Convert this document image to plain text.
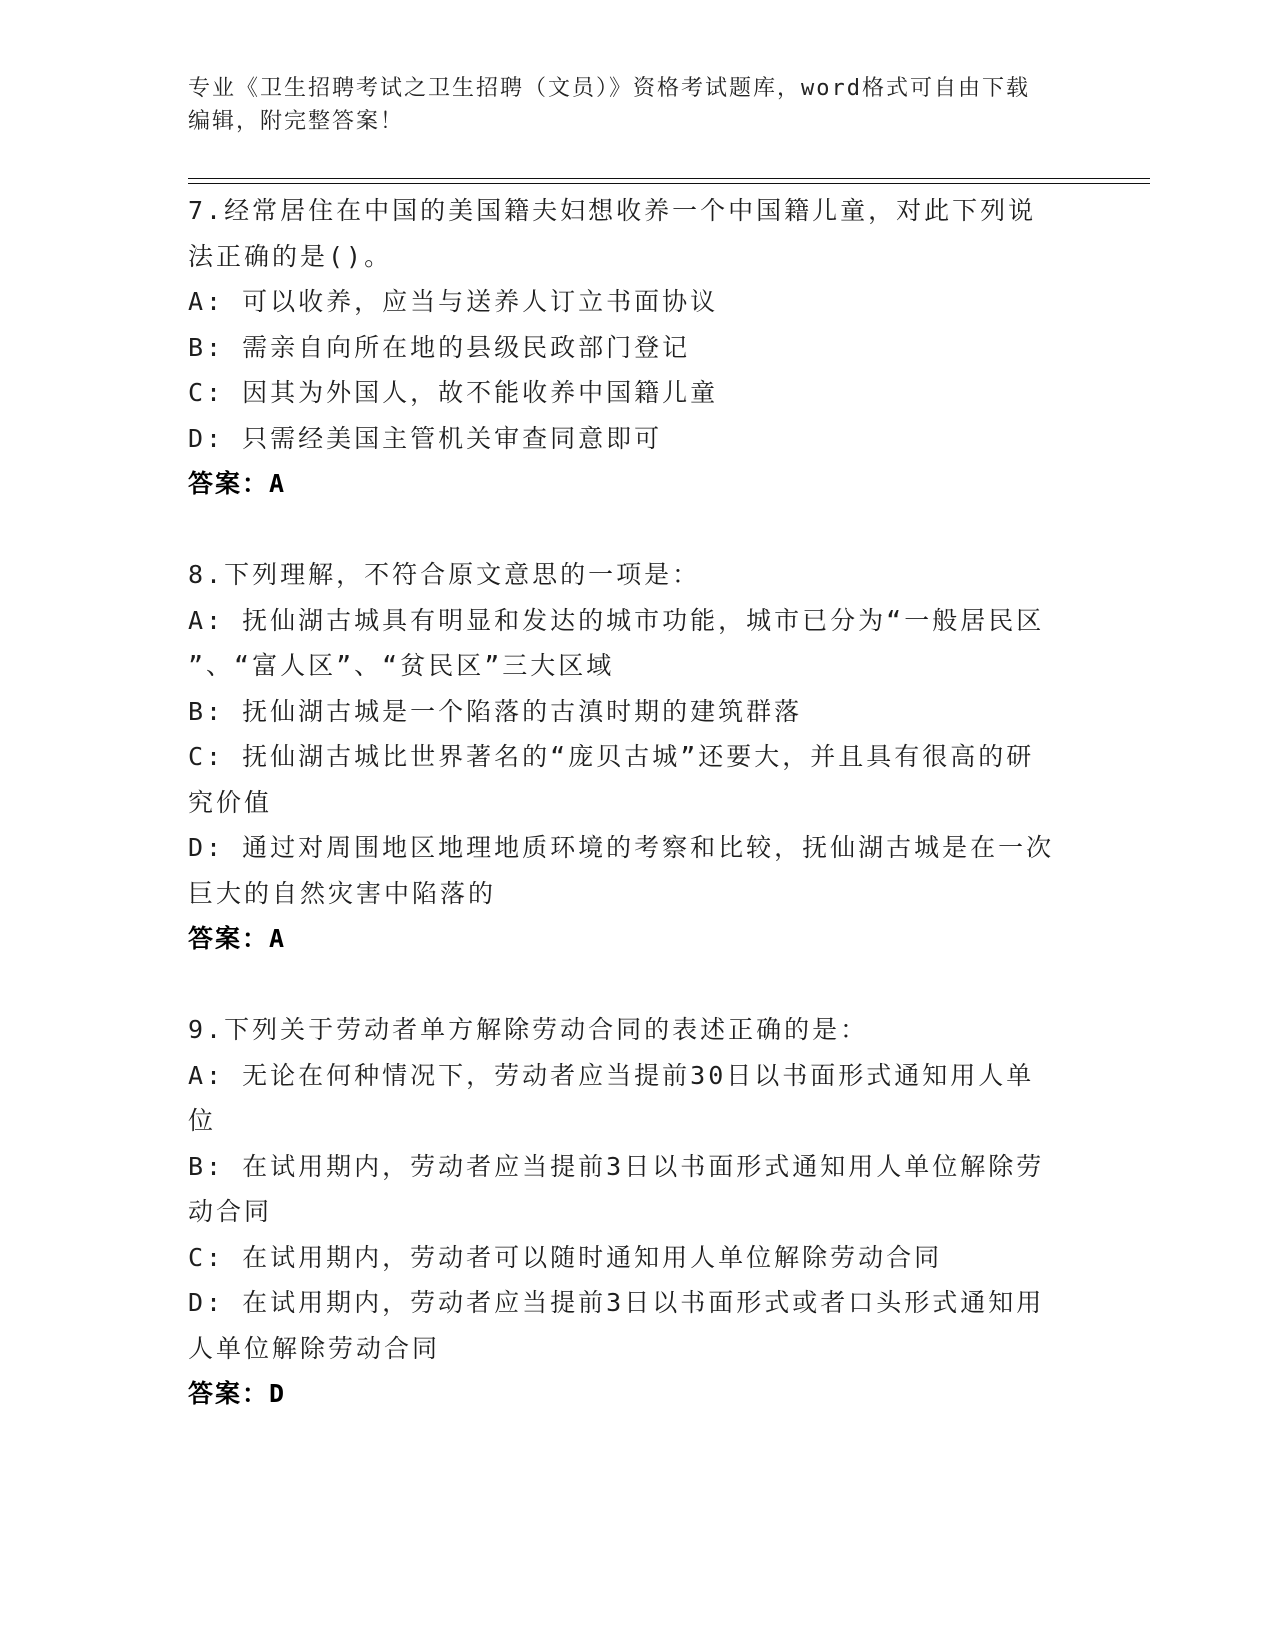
专业《卫生招聘考试之卫生招聘（文员）》资格考试题库，word格式可自由下载
编辑，附完整答案！
7.经常居住在中国的美国籍夫妇想收养一个中国籍儿童，对此下列说
法正确的是()。
A: 可以收养，应当与送养人订立书面协议
B: 需亲自向所在地的县级民政部门登记
C: 因其为外国人，故不能收养中国籍儿童
D: 只需经美国主管机关审查同意即可
答案：A
8.下列理解，不符合原文意思的一项是：
A: 抚仙湖古城具有明显和发达的城市功能，城市已分为“一般居民区
”、“富人区”、“贫民区”三大区域
B: 抚仙湖古城是一个陷落的古滇时期的建筑群落
C: 抚仙湖古城比世界著名的“庞贝古城”还要大，并且具有很高的研
究价值
D: 通过对周围地区地理地质环境的考察和比较，抚仙湖古城是在一次
巨大的自然灾害中陷落的
答案：A
9.下列关于劳动者单方解除劳动合同的表述正确的是：
A: 无论在何种情况下，劳动者应当提前30日以书面形式通知用人单
位
B: 在试用期内，劳动者应当提前3日以书面形式通知用人单位解除劳
动合同
C: 在试用期内，劳动者可以随时通知用人单位解除劳动合同
D: 在试用期内，劳动者应当提前3日以书面形式或者口头形式通知用
人单位解除劳动合同
答案：D
